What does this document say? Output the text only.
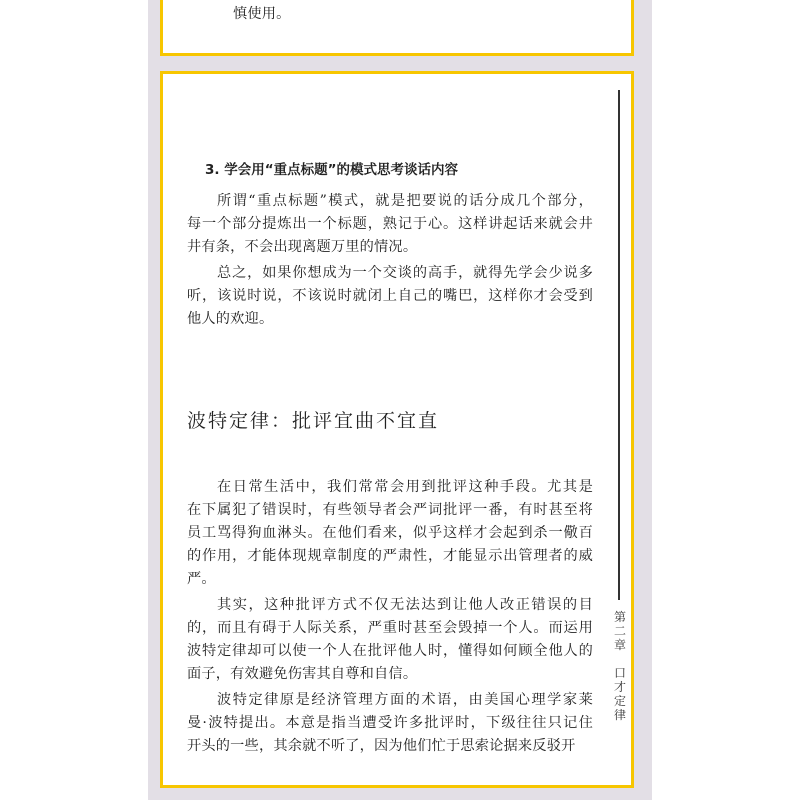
慎使用。
3. 学会用“重点标题”的模式思考谈话内容
所谓“重点标题”模式，就是把要说的话分成几个部分，
每一个部分提炼出一个标题，熟记于心。这样讲起话来就会井
井有条，不会出现离题万里的情况。
总之，如果你想成为一个交谈的高手，就得先学会少说多
听，该说时说，不该说时就闭上自己的嘴巴，这样你才会受到
他人的欢迎。
波特定律：批评宜曲不宜直
在日常生活中，我们常常会用到批评这种手段。尤其是
在下属犯了错误时，有些领导者会严词批评一番，有时甚至将
员工骂得狗血淋头。在他们看来，似乎这样才会起到杀一儆百
的作用，才能体现规章制度的严肃性，才能显示出管理者的威
严。
其实，这种批评方式不仅无法达到让他人改正错误的目
的，而且有碍于人际关系，严重时甚至会毁掉一个人。而运用
波特定律却可以使一个人在批评他人时，懂得如何顾全他人的
面子，有效避免伤害其自尊和自信。
波特定律原是经济管理方面的术语，由美国心理学家莱
曼·波特提出。本意是指当遭受许多批评时，下级往往只记住
开头的一些，其余就不听了，因为他们忙于思索论据来反驳开
第
二
章
口
才
定
律
